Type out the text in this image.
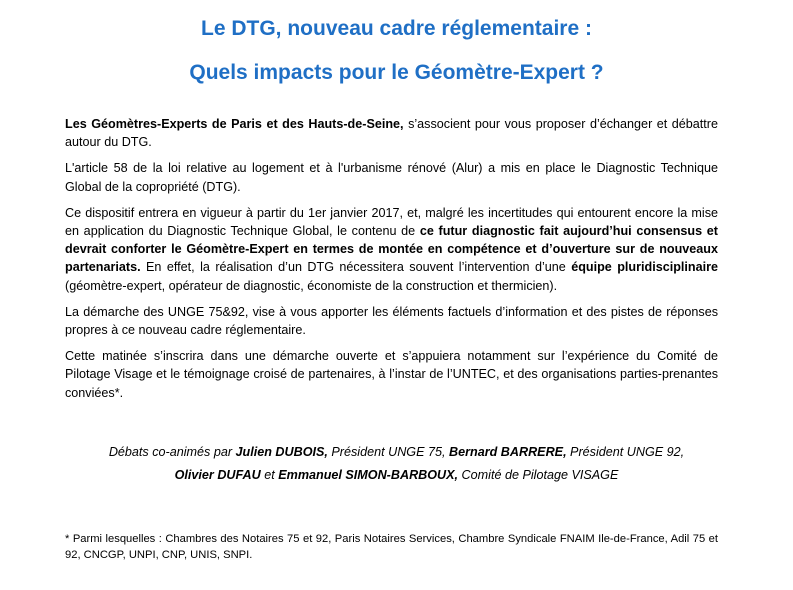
Le DTG, nouveau cadre réglementaire :
Quels impacts pour le Géomètre-Expert ?

Les Géomètres-Experts de Paris et des Hauts-de-Seine, s’associent pour vous proposer d’échanger et débattre autour du DTG.

L'article 58 de la loi relative au logement et à l'urbanisme rénové (Alur) a mis en place le Diagnostic Technique Global de la copropriété (DTG).

Ce dispositif entrera en vigueur à partir du 1er janvier 2017, et, malgré les incertitudes qui entourent encore la mise en application du Diagnostic Technique Global, le contenu de ce futur diagnostic fait aujourd’hui consensus et devrait conforter le Géomètre-Expert en termes de montée en compétence et d’ouverture sur de nouveaux partenariats. En effet, la réalisation d’un DTG nécessitera souvent l’intervention d’une équipe pluridisciplinaire (géomètre-expert, opérateur de diagnostic, économiste de la construction et thermicien).

La démarche des UNGE 75&92, vise à vous apporter les éléments factuels d’information et des pistes de réponses propres à ce nouveau cadre réglementaire.

Cette matinée s’inscrira dans une démarche ouverte et s’appuiera notamment sur l’expérience du Comité de Pilotage Visage et le témoignage croisé de partenaires, à l’instar de l’UNTEC, et des organisations parties-prenantes conviées*.

Débats co-animés par Julien DUBOIS, Président UNGE 75, Bernard BARRERE, Président UNGE 92,

Olivier DUFAU et Emmanuel SIMON-BARBOUX, Comité de Pilotage VISAGE

* Parmi lesquelles : Chambres des Notaires 75 et 92, Paris Notaires Services, Chambre Syndicale FNAIM Ile-de-France, Adil 75 et 92, CNCGP, UNPI, CNP, UNIS, SNPI.
